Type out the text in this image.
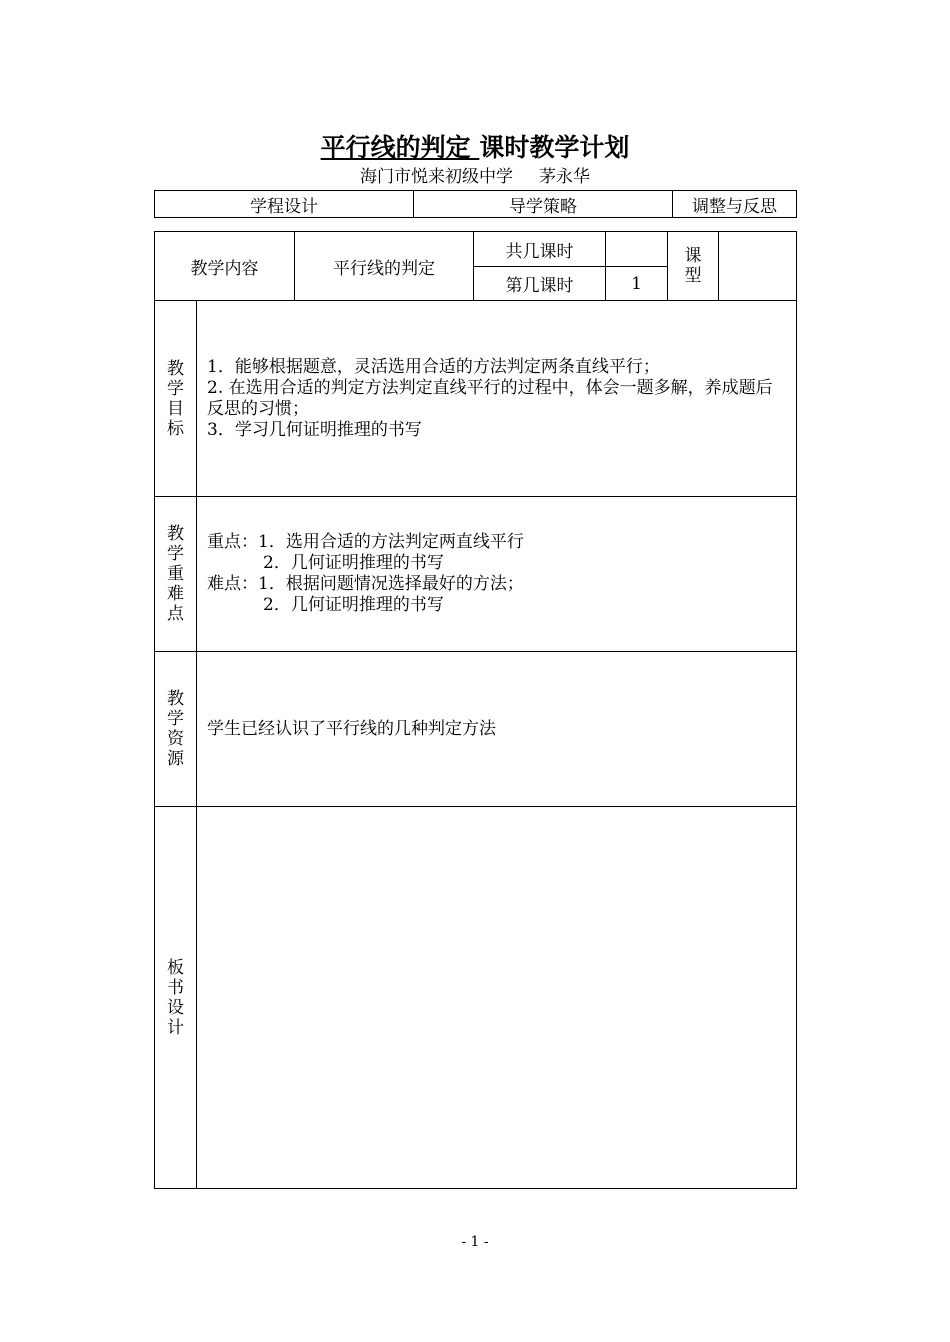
平行线的判定 课时教学计划
海门市悦来初级中学 茅永华
学程设计	导学策略	调整与反思
教学内容		平行线的判定	共几课时		课
型	

			第几课时	1		

教
学
目
标	1．能够根据题意，灵活选用合适的方法判定两条直线平行；
2. 在选用合适的判定方法判定直线平行的过程中，体会一题多解，养成题后反思的习惯；
3．学习几何证明推理的书写					

教
学
重
难
点	重点：1．选用合适的方法判定两直线平行
2．几何证明推理的书写
难点：1．根据问题情况选择最好的方法；
2．几何证明推理的书写					

教
学
资
源	学生已经认识了平行线的几种判定方法					

板
书
设
计						

- 1 -
